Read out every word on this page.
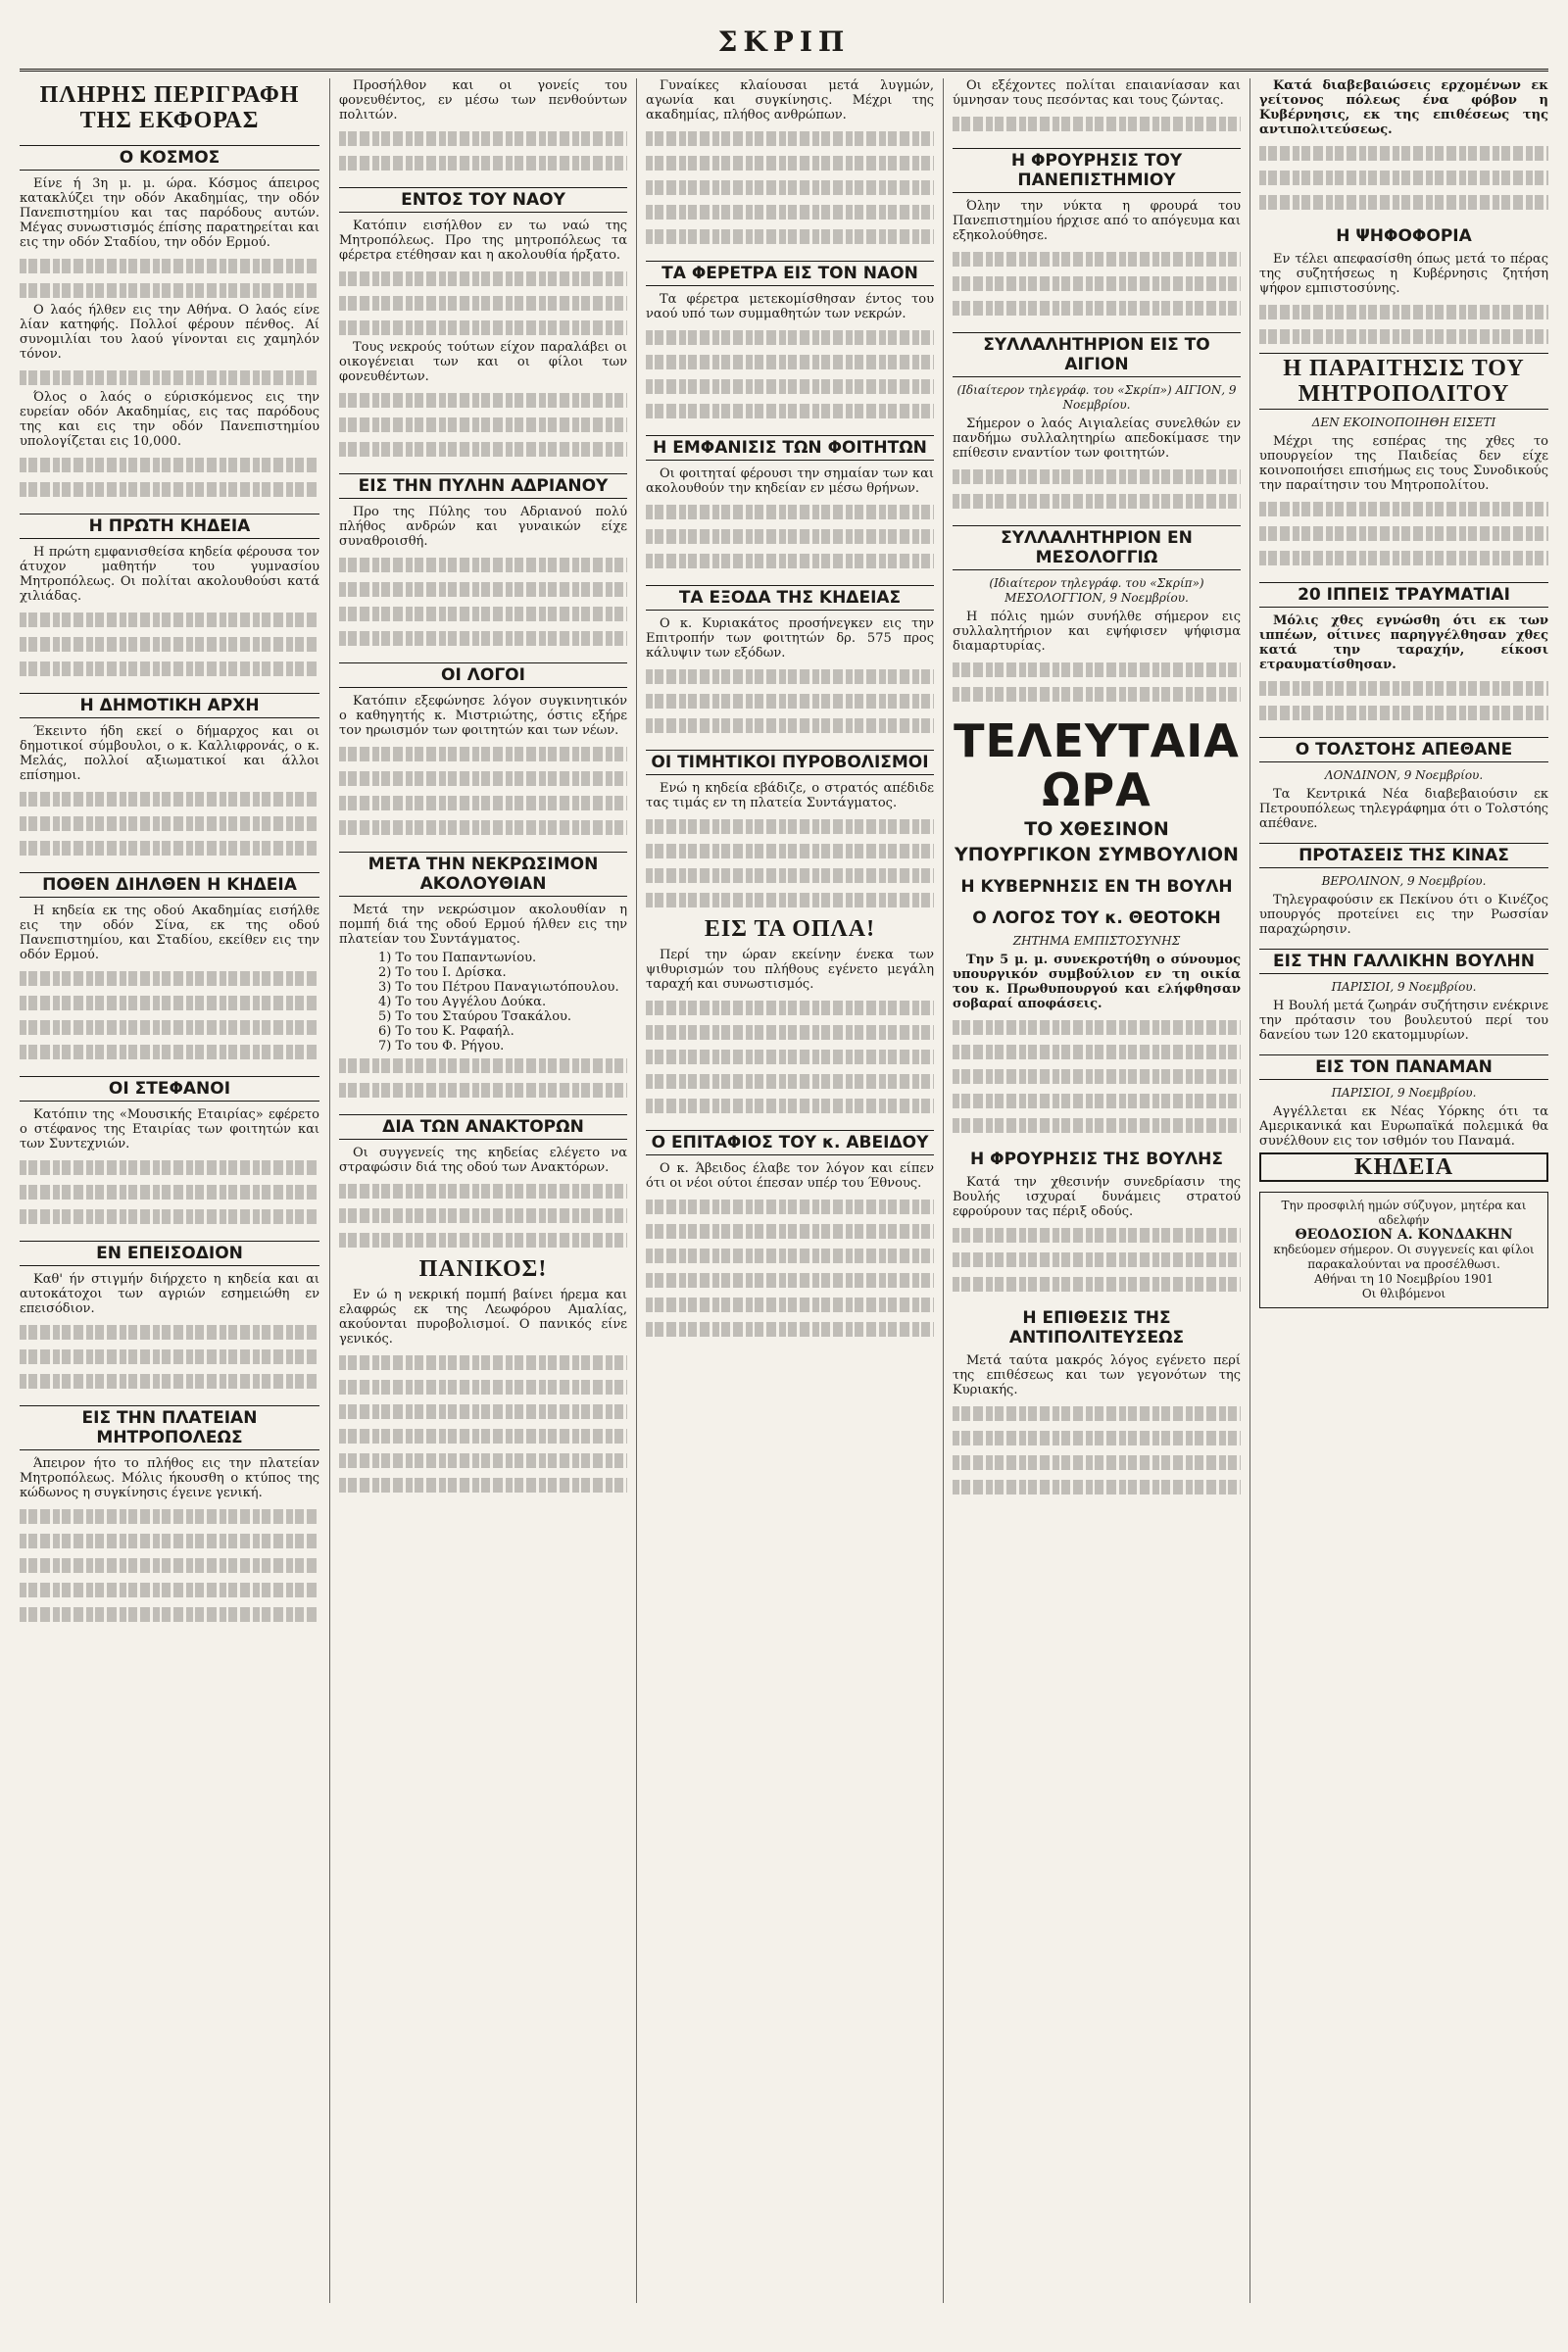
ΣΚΡΙΠ
ΠΛΗΡΗΣ ΠΕΡΙΓΡΑΦΗ ΤΗΣ ΕΚΦΟΡΑΣ
Ο ΚΟΣΜΟΣ

Είνε ή 3η μ. μ. ώρα. Κόσμος άπειρος κατακλύζει την οδόν Ακαδημίας, την οδόν Πανεπιστημίου και τας παρόδους αυτών. Μέγας συνωστισμός έπίσης παρατηρείται και εις την οδόν Σταδίου, την οδόν Ερμού.

Ο λαός ήλθεν εις την Αθήνα. Ο λαός είνε λίαν κατηφής. Πολλοί φέρουν πένθος. Αί συνομιλίαι του λαού γίνονται εις χαμηλόν τόνον.

Όλος ο λαός ο εύρισκόμενος εις την ευρείαν οδόν Ακαδημίας, εις τας παρόδους της και εις την οδόν Πανεπιστημίου υπολογίζεται εις 10,000.

Η ΠΡΩΤΗ ΚΗΔΕΙΑ

Η πρώτη εμφανισθείσα κηδεία φέρουσα τον άτυχον μαθητήν του γυμνασίου Μητροπόλεως. Οι πολίται ακολουθούσι κατά χιλιάδας.

Η ΔΗΜΟΤΙΚΗ ΑΡΧΗ

Έκειντο ήδη εκεί ο δήμαρχος και οι δημοτικοί σύμβουλοι, ο κ. Καλλιφρονάς, ο κ. Μελάς, πολλοί αξιωματικοί και άλλοι επίσημοι.

ΠΟΘΕΝ ΔΙΗΛΘΕΝ Η ΚΗΔΕΙΑ

Η κηδεία εκ της οδού Ακαδημίας εισήλθε εις την οδόν Σίνα, εκ της οδού Πανεπιστημίου, και Σταδίου, εκείθεν εις την οδόν Ερμού.

ΟΙ ΣΤΕΦΑΝΟΙ

Κατόπιν της «Μουσικής Εταιρίας» εφέρετο ο στέφανος της Εταιρίας των φοιτητών και των Συντεχνιών.

ΕΝ ΕΠΕΙΣΟΔΙΟΝ

Καθ' ήν στιγμήν διήρχετο η κηδεία και αι αυτοκάτοχοι των αγριών εσημειώθη εν επεισόδιον.

ΕΙΣ ΤΗΝ ΠΛΑΤΕΙΑΝ ΜΗΤΡΟΠΟΛΕΩΣ

Άπειρον ήτο το πλήθος εις την πλατείαν Μητροπόλεως. Μόλις ήκουσθη ο κτύπος της κώδωνος η συγκίνησις έγεινε γενική.

Προσήλθον και οι γονείς του φονευθέντος, εν μέσω των πενθούντων πολιτών.

ΕΝΤΟΣ ΤΟΥ ΝΑΟΥ

Κατόπιν εισήλθον εν τω ναώ της Μητροπόλεως. Προ της μητροπόλεως τα φέρετρα ετέθησαν και η ακολουθία ήρξατο.

Τους νεκρούς τούτων είχον παραλάβει οι οικογένειαι των και οι φίλοι των φονευθέντων.

ΕΙΣ ΤΗΝ ΠΥΛΗΝ ΑΔΡΙΑΝΟΥ

Προ της Πύλης του Αδριανού πολύ πλήθος ανδρών και γυναικών είχε συναθροισθή.

ΟΙ ΛΟΓΟΙ

Κατόπιν εξεφώνησε λόγον συγκινητικόν ο καθηγητής κ. Μιστριώτης, όστις εξήρε τον ηρωισμόν των φοιτητών και των νέων.

ΜΕΤΑ ΤΗΝ ΝΕΚΡΩΣΙΜΟΝ ΑΚΟΛΟΥΘΙΑΝ

Μετά την νεκρώσιμον ακολουθίαν η πομπή διά της οδού Ερμού ήλθεν εις την πλατείαν του Συντάγματος.

1) Το του Παπαντωνίου.
2) Το του Ι. Δρίσκα.
3) Το του Πέτρου Παναγιωτόπουλου.
4) Το του Αγγέλου Δούκα.
5) Το του Σταύρου Τσακάλου.
6) Το του Κ. Ραφαήλ.
7) Το του Φ. Ρήγου.
ΔΙΑ ΤΩΝ ΑΝΑΚΤΟΡΩΝ

Οι συγγενείς της κηδείας ελέγετο να στραφώσιν διά της οδού των Ανακτόρων.

ΠΑΝΙΚΟΣ!

Εν ώ η νεκρική πομπή βαίνει ήρεμα και ελαφρώς εκ της Λεωφόρου Αμαλίας, ακούονται πυροβολισμοί. Ο πανικός είνε γενικός.

Γυναίκες κλαίουσαι μετά λυγμών, αγωνία και συγκίνησις. Μέχρι της ακαδημίας, πλήθος ανθρώπων.

ΤΑ ΦΕΡΕΤΡΑ ΕΙΣ ΤΟΝ ΝΑΟΝ

Τα φέρετρα μετεκομίσθησαν έντος του ναού υπό των συμμαθητών των νεκρών.

Η ΕΜΦΑΝΙΣΙΣ ΤΩΝ ΦΟΙΤΗΤΩΝ

Οι φοιτηταί φέρουσι την σημαίαν των και ακολουθούν την κηδείαν εν μέσω θρήνων.

ΤΑ ΕΞΟΔΑ ΤΗΣ ΚΗΔΕΙΑΣ

Ο κ. Κυριακάτος προσήνεγκεν εις την Επιτροπήν των φοιτητών δρ. 575 προς κάλυψιν των εξόδων.

ΟΙ ΤΙΜΗΤΙΚΟΙ ΠΥΡΟΒΟΛΙΣΜΟΙ

Ενώ η κηδεία εβάδιζε, ο στρατός απέδιδε τας τιμάς εν τη πλατεία Συντάγματος.

ΕΙΣ ΤΑ ΟΠΛΑ!

Περί την ώραν εκείνην ένεκα των ψιθυρισμών του πλήθους εγένετο μεγάλη ταραχή και συνωστισμός.

Ο ΕΠΙΤΑΦΙΟΣ ΤΟΥ κ. ΑΒΕΙΔΟΥ

Ο κ. Άβειδος έλαβε τον λόγον και είπεν ότι οι νέοι ούτοι έπεσαν υπέρ του Έθνους.

Οι εξέχοντες πολίται επαιανίασαν και ύμνησαν τους πεσόντας και τους ζώντας.

Η ΦΡΟΥΡΗΣΙΣ ΤΟΥ ΠΑΝΕΠΙΣΤΗΜΙΟΥ

Όλην την νύκτα η φρουρά του Πανεπιστημίου ήρχισε από το απόγευμα και εξηκολούθησε.

ΣΥΛΛΑΛΗΤΗΡΙΟΝ ΕΙΣ ΤΟ ΑΙΓΙΟΝ
(Ιδιαίτερον τηλεγράφ. του «Σκρίπ») ΑΙΓΙΟΝ, 9 Νοεμβρίου.

Σήμερον ο λαός Αιγιαλείας συνελθών εν πανδήμω συλλαλητηρίω απεδοκίμασε την επίθεσιν εναντίον των φοιτητών.

ΣΥΛΛΑΛΗΤΗΡΙΟΝ ΕΝ ΜΕΣΟΛΟΓΓΙΩ
(Ιδιαίτερον τηλεγράφ. του «Σκρίπ») ΜΕΣΟΛΟΓΓΙΟΝ, 9 Νοεμβρίου.

Η πόλις ημών συνήλθε σήμερον εις συλλαλητήριον και εψήφισεν ψήφισμα διαμαρτυρίας.

ΤΕΛΕΥΤΑΙΑ ΩΡΑ
ΤΟ ΧΘΕΣΙΝΟΝ
ΥΠΟΥΡΓΙΚΟΝ ΣΥΜΒΟΥΛΙΟΝ
Η ΚΥΒΕΡΝΗΣΙΣ ΕΝ ΤΗ ΒΟΥΛΗ
Ο ΛΟΓΟΣ ΤΟΥ κ. ΘΕΟΤΟΚΗ
ΖΗΤΗΜΑ ΕΜΠΙΣΤΟΣΥΝΗΣ

Την 5 μ. μ. συνεκροτήθη ο σύνουμος υπουργικόν συμβούλιον εν τη οικία του κ. Πρωθυπουργού και ελήφθησαν σοβαραί αποφάσεις.

Η ΦΡΟΥΡΗΣΙΣ ΤΗΣ ΒΟΥΛΗΣ

Κατά την χθεσινήν συνεδρίασιν της Βουλής ισχυραί δυνάμεις στρατού εφρούρουν τας πέριξ οδούς.

Η ΕΠΙΘΕΣΙΣ ΤΗΣ ΑΝΤΙΠΟΛΙΤΕΥΣΕΩΣ

Μετά ταύτα μακρός λόγος εγένετο περί της επιθέσεως και των γεγονότων της Κυριακής.

Κατά διαβεβαιώσεις ερχομένων εκ γείτονος πόλεως ένα φόβον η Κυβέρνησις, εκ της επιθέσεως της αντιπολιτεύσεως.

Η ΨΗΦΟΦΟΡΙΑ

Εν τέλει απεφασίσθη όπως μετά το πέρας της συζητήσεως η Κυβέρνησις ζητήση ψήφον εμπιστοσύνης.

Η ΠΑΡΑΙΤΗΣΙΣ ΤΟΥ ΜΗΤΡΟΠΟΛΙΤΟΥ
ΔΕΝ ΕΚΟΙΝΟΠΟΙΗΘΗ ΕΙΣΕΤΙ

Μέχρι της εσπέρας της χθες το υπουργείον της Παιδείας δεν είχε κοινοποιήσει επισήμως εις τους Συνοδικούς την παραίτησιν του Μητροπολίτου.

20 ΙΠΠΕΙΣ ΤΡΑΥΜΑΤΙΑΙ

Μόλις χθες εγνώσθη ότι εκ των ιππέων, οίτινες παρηγγέλθησαν χθες κατά την ταραχήν, είκοσι ετραυματίσθησαν.

Ο ΤΟΛΣΤΟΗΣ ΑΠΕΘΑΝΕ
ΛΟΝΔΙΝΟΝ, 9 Νοεμβρίου.

Τα Κεντρικά Νέα διαβεβαιούσιν εκ Πετρουπόλεως τηλεγράφημα ότι ο Τολστόης απέθανε.

ΠΡΟΤΑΣΕΙΣ ΤΗΣ ΚΙΝΑΣ
ΒΕΡΟΛΙΝΟΝ, 9 Νοεμβρίου.

Τηλεγραφούσιν εκ Πεκίνου ότι ο Κινέζος υπουργός προτείνει εις την Ρωσσίαν παραχώρησιν.

ΕΙΣ ΤΗΝ ΓΑΛΛΙΚΗΝ ΒΟΥΛΗΝ
ΠΑΡΙΣΙΟΙ, 9 Νοεμβρίου.

Η Βουλή μετά ζωηράν συζήτησιν ενέκρινε την πρότασιν του βουλευτού περί του δανείου των 120 εκατομμυρίων.

ΕΙΣ ΤΟΝ ΠΑΝΑΜΑΝ
ΠΑΡΙΣΙΟΙ, 9 Νοεμβρίου.

Αγγέλλεται εκ Νέας Υόρκης ότι τα Αμερικανικά και Ευρωπαϊκά πολεμικά θα συνέλθουν εις τον ισθμόν του Παναμά.

ΚΗΔΕΙΑ
Την προσφιλή ημών σύζυγον, μητέρα και αδελφήν
ΘΕΟΔΟΣΙΟΝ Α. ΚΟΝΔΑΚΗΝ
κηδεύομεν σήμερον. Οι συγγενείς και φίλοι παρακαλούνται να προσέλθωσι.
Αθήναι τη 10 Νοεμβρίου 1901
Οι θλιβόμενοι
